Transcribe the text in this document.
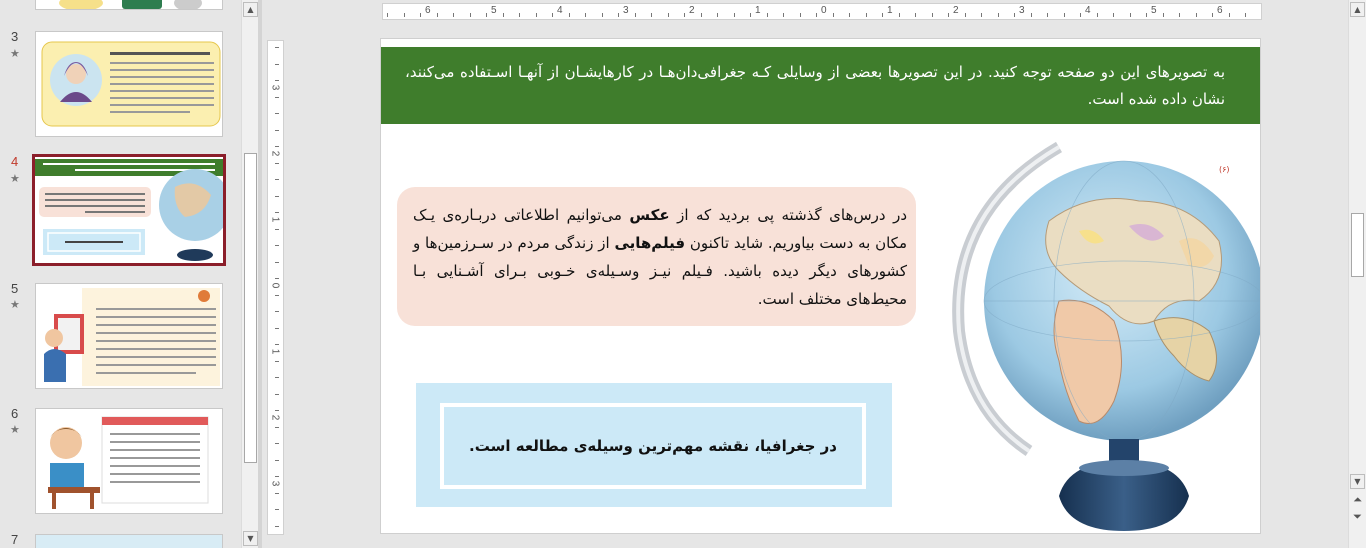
3
★
4
★
5
★
6
★
7
▲
▼
6	5	4	3	2	1	0	1	2	3	4	5	6
3
2
1
0
1
2
3
به تصویرهای این دو صفحه توجه کنید. در این تصویرها بعضی از وسایلی کـه جغرافی‌دان‌هـا در کارهایشـان از آنهـا اسـتفاده می‌کنند، نشان داده شده است.
در درس‌های گذشته پی بردید که از عکس می‌توانیم اطلاعاتی دربـاره‌ی یـک مکان به دست بیاوریم. شاید تاکنون فیلم‌هایی از زندگی مردم در سـرزمین‌ها و کشورهای دیگر دیده باشید. فـیلم نیـز وسـیله‌ی خـوبی بـرای آشـنایی بـا محیط‌های مختلف است.
در جغرافیا، نقشه مهم‌ترین وسیله‌ی مطالعه است.
(۶)
▲
▼
⏶
⏷
